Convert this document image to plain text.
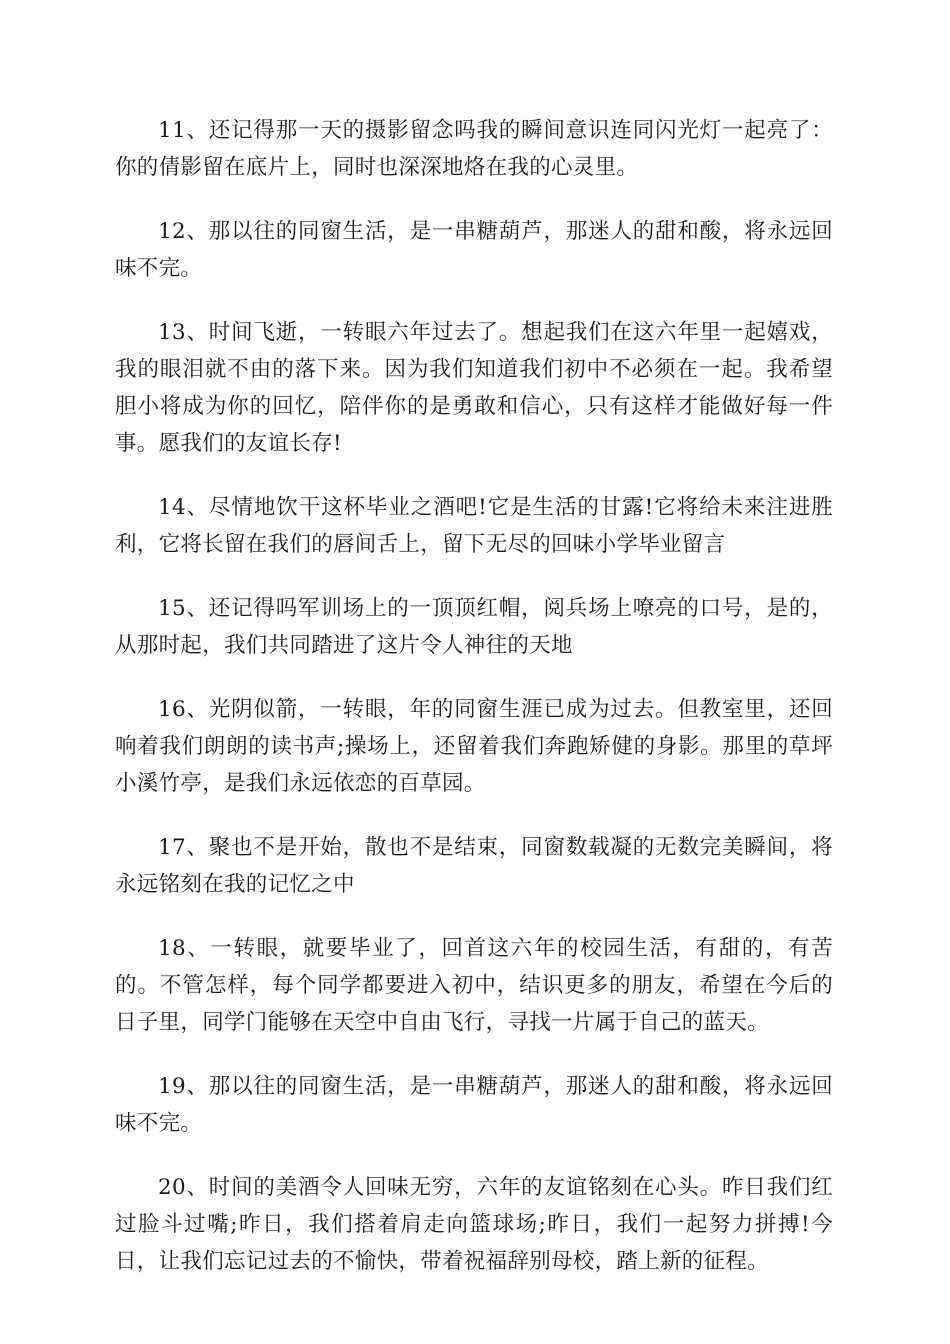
11、还记得那一天的摄影留念吗我的瞬间意识连同闪光灯一起亮了：你的倩影留在底片上，同时也深深地烙在我的心灵里。

12、那以往的同窗生活，是一串糖葫芦，那迷人的甜和酸，将永远回味不完。

13、时间飞逝，一转眼六年过去了。想起我们在这六年里一起嬉戏，我的眼泪就不由的落下来。因为我们知道我们初中不必须在一起。我希望胆小将成为你的回忆，陪伴你的是勇敢和信心，只有这样才能做好每一件事。愿我们的友谊长存!

14、尽情地饮干这杯毕业之酒吧!它是生活的甘露!它将给未来注进胜利，它将长留在我们的唇间舌上，留下无尽的回味小学毕业留言

15、还记得吗军训场上的一顶顶红帽，阅兵场上嘹亮的口号，是的，从那时起，我们共同踏进了这片令人神往的天地

16、光阴似箭，一转眼，年的同窗生涯已成为过去。但教室里，还回响着我们朗朗的读书声;操场上，还留着我们奔跑矫健的身影。那里的草坪小溪竹亭，是我们永远依恋的百草园。

17、聚也不是开始，散也不是结束，同窗数载凝的无数完美瞬间，将永远铭刻在我的记忆之中

18、一转眼，就要毕业了，回首这六年的校园生活，有甜的，有苦的。不管怎样，每个同学都要进入初中，结识更多的朋友，希望在今后的日子里，同学门能够在天空中自由飞行，寻找一片属于自己的蓝天。

19、那以往的同窗生活，是一串糖葫芦，那迷人的甜和酸，将永远回味不完。

20、时间的美酒令人回味无穷，六年的友谊铭刻在心头。昨日我们红过脸斗过嘴;昨日，我们搭着肩走向篮球场;昨日，我们一起努力拼搏!今日，让我们忘记过去的不愉快，带着祝福辞别母校，踏上新的征程。
